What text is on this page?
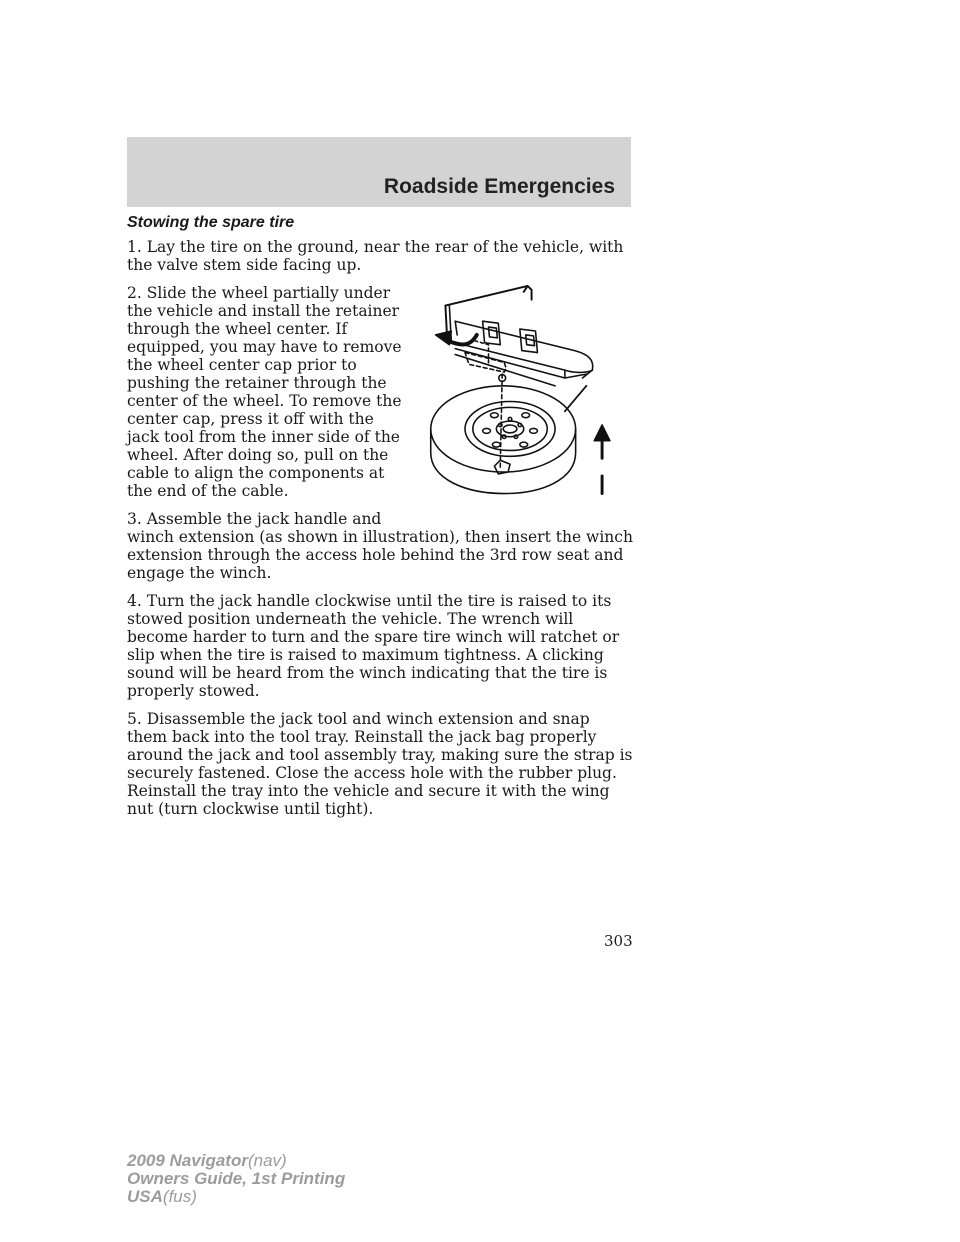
Roadside Emergencies
Stowing the spare tire

1. Lay the tire on the ground, near the rear of the vehicle, with the valve stem side facing up.

2. Slide the wheel partially under the vehicle and install the retainer through the wheel center. If equipped, you may have to remove the wheel center cap prior to pushing the retainer through the center of the wheel. To remove the center cap, press it off with the jack tool from the inner side of the wheel. After doing so, pull on the cable to align the components at the end of the cable.

3. Assemble the jack handle and winch extension (as shown in illustration), then insert the winch extension through the access hole behind the 3rd row seat and engage the winch.

4. Turn the jack handle clockwise until the tire is raised to its stowed position underneath the vehicle. The wrench will become harder to turn and the spare tire winch will ratchet or slip when the tire is raised to maximum tightness. A clicking sound will be heard from the winch indicating that the tire is properly stowed.

5. Disassemble the jack tool and winch extension and snap them back into the tool tray. Reinstall the jack bag properly around the jack and tool assembly tray, making sure the strap is securely fastened. Close the access hole with the rubber plug. Reinstall the tray into the vehicle and secure it with the wing nut (turn clockwise until tight).

303
2009 Navigator(nav)
Owners Guide, 1st Printing
USA(fus)
